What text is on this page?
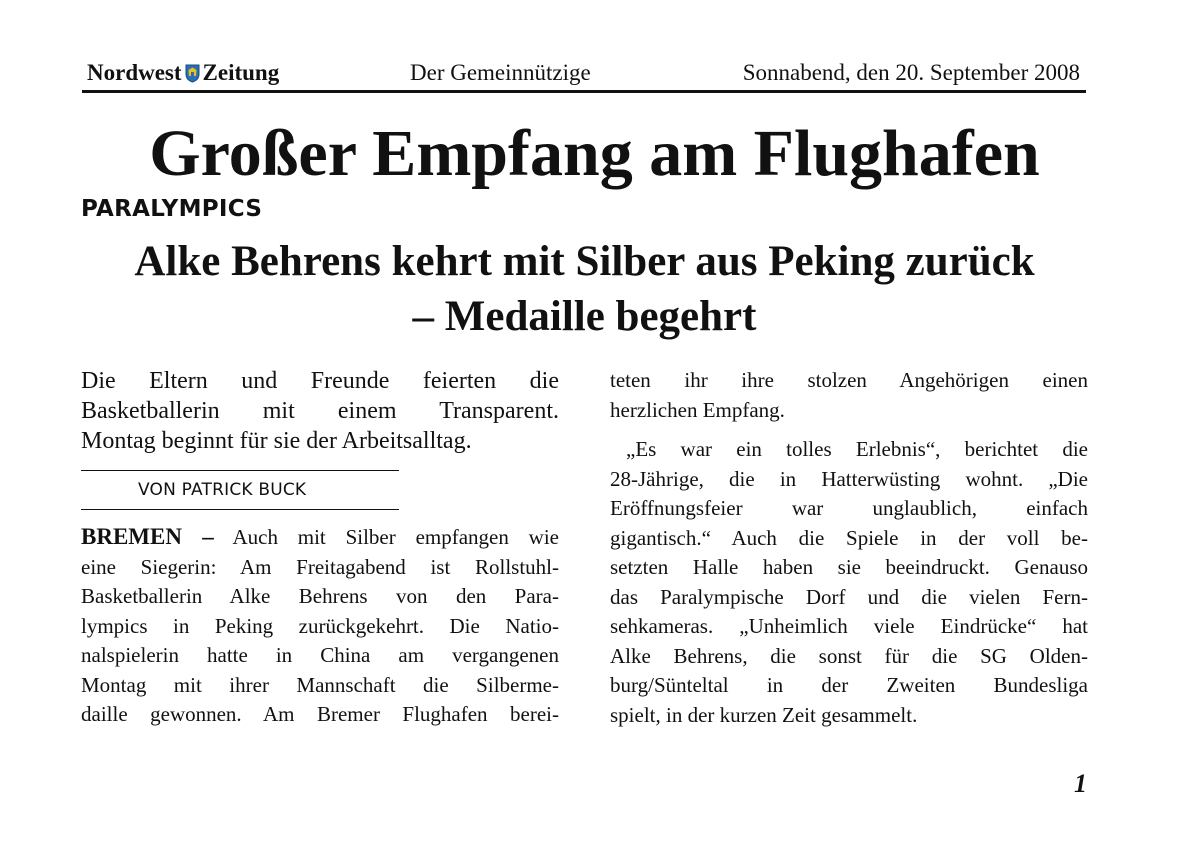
Nordwest Zeitung	Der Gemeinnützige	Sonnabend, den 20. September 2008
Großer Empfang am Flughafen
PARALYMPICS
Alke Behrens kehrt mit Silber aus Peking zurück
– Medaille begehrt

Die Eltern und Freunde feierten die
Basketballerin mit einem Transparent.
Montag beginnt für sie der Arbeitsalltag.

VON PATRICK BUCK

BREMEN – Auch mit Silber empfangen wie
eine Siegerin: Am Freitagabend ist Rollstuhl-
Basketballerin Alke Behrens von den Para-
lympics in Peking zurückgekehrt. Die Natio-
nalspielerin hatte in China am vergangenen
Montag mit ihrer Mannschaft die Silberme-
daille gewonnen. Am Bremer Flughafen berei-

teten ihr ihre stolzen Angehörigen einen
herzlichen Empfang.

„Es war ein tolles Erlebnis“, berichtet die
28-Jährige, die in Hatterwüsting wohnt. „Die
Eröffnungsfeier war unglaublich, einfach
gigantisch.“ Auch die Spiele in der voll be-
setzten Halle haben sie beeindruckt. Genauso
das Paralympische Dorf und die vielen Fern-
sehkameras. „Unheimlich viele Eindrücke“ hat
Alke Behrens, die sonst für die SG Olden-
burg/Sünteltal in der Zweiten Bundesliga
spielt, in der kurzen Zeit gesammelt.

1
